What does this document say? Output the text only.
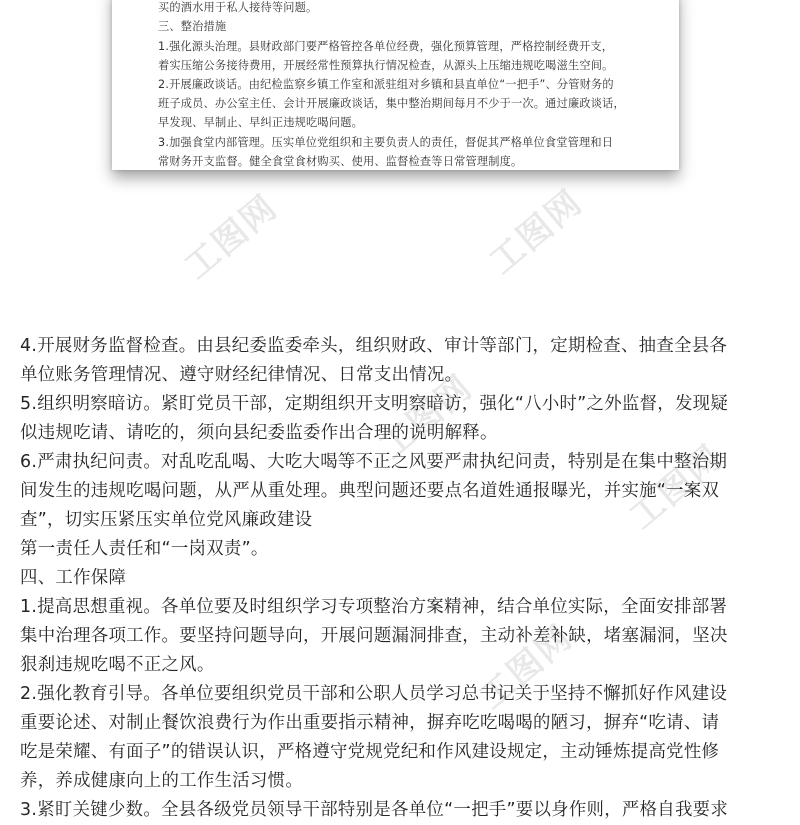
工图网	工图网
工图网
工图网
工图网
买的酒水用于私人接待等问题。
三、整治措施
1.强化源头治理。县财政部门要严格管控各单位经费，强化预算管理，严格控制经费开支，
着实压缩公务接待费用，开展经常性预算执行情况检查，从源头上压缩违规吃喝滋生空间。
2.开展廉政谈话。由纪检监察乡镇工作室和派驻组对乡镇和县直单位“一把手”、分管财务的
班子成员、办公室主任、会计开展廉政谈话，集中整治期间每月不少于一次。通过廉政谈话，
早发现、早制止、早纠正违规吃喝问题。
3.加强食堂内部管理。压实单位党组织和主要负责人的责任，督促其严格单位食堂管理和日
常财务开支监督。健全食堂食材购买、使用、监督检查等日常管理制度。
4.开展财务监督检查。由县纪委监委牵头，组织财政、审计等部门，定期检查、抽查全县各
单位账务管理情况、遵守财经纪律情况、日常支出情况。
5.组织明察暗访。紧盯党员干部，定期组织开支明察暗访，强化“八小时”之外监督，发现疑
似违规吃请、请吃的，须向县纪委监委作出合理的说明解释。
6.严肃执纪问责。对乱吃乱喝、大吃大喝等不正之风要严肃执纪问责，特别是在集中整治期
间发生的违规吃喝问题，从严从重处理。典型问题还要点名道姓通报曝光，并实施“一案双
查”，切实压紧压实单位党风廉政建设
第一责任人责任和“一岗双责”。
四、工作保障
1.提高思想重视。各单位要及时组织学习专项整治方案精神，结合单位实际，全面安排部署
集中治理各项工作。要坚持问题导向，开展问题漏洞排查，主动补差补缺，堵塞漏洞，坚决
狠刹违规吃喝不正之风。
2.强化教育引导。各单位要组织党员干部和公职人员学习总书记关于坚持不懈抓好作风建设
重要论述、对制止餐饮浪费行为作出重要指示精神，摒弃吃吃喝喝的陋习，摒弃“吃请、请
吃是荣耀、有面子”的错误认识，严格遵守党规党纪和作风建设规定，主动锤炼提高党性修
养，养成健康向上的工作生活习惯。
3.紧盯关键少数。全县各级党员领导干部特别是各单位“一把手”要以身作则，严格自我要求
